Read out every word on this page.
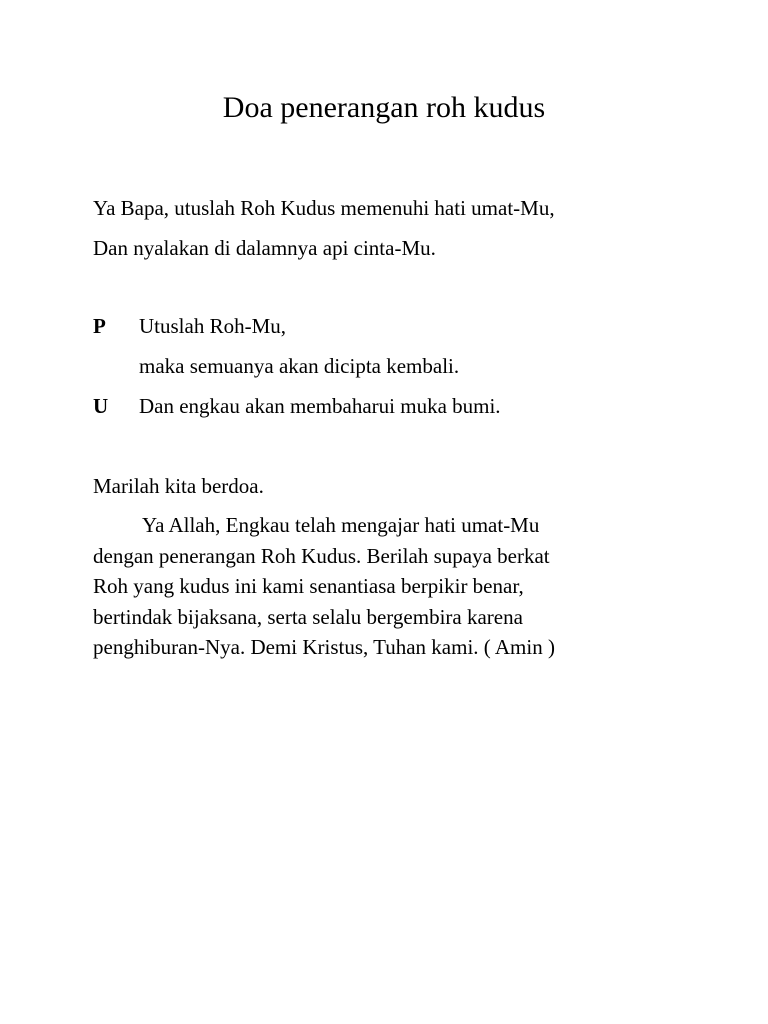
Doa penerangan roh kudus
Ya Bapa, utuslah Roh Kudus memenuhi hati umat-Mu,
Dan nyalakan di dalamnya api cinta-Mu.
P Utuslah Roh-Mu,
maka semuanya akan dicipta kembali.
U Dan engkau akan membaharui muka bumi.
Marilah kita berdoa.
Ya Allah, Engkau telah mengajar hati umat-Mu
dengan penerangan Roh Kudus. Berilah supaya berkat
Roh yang kudus ini kami senantiasa berpikir benar,
bertindak bijaksana, serta selalu bergembira karena
penghiburan-Nya. Demi Kristus, Tuhan kami. ( Amin )
